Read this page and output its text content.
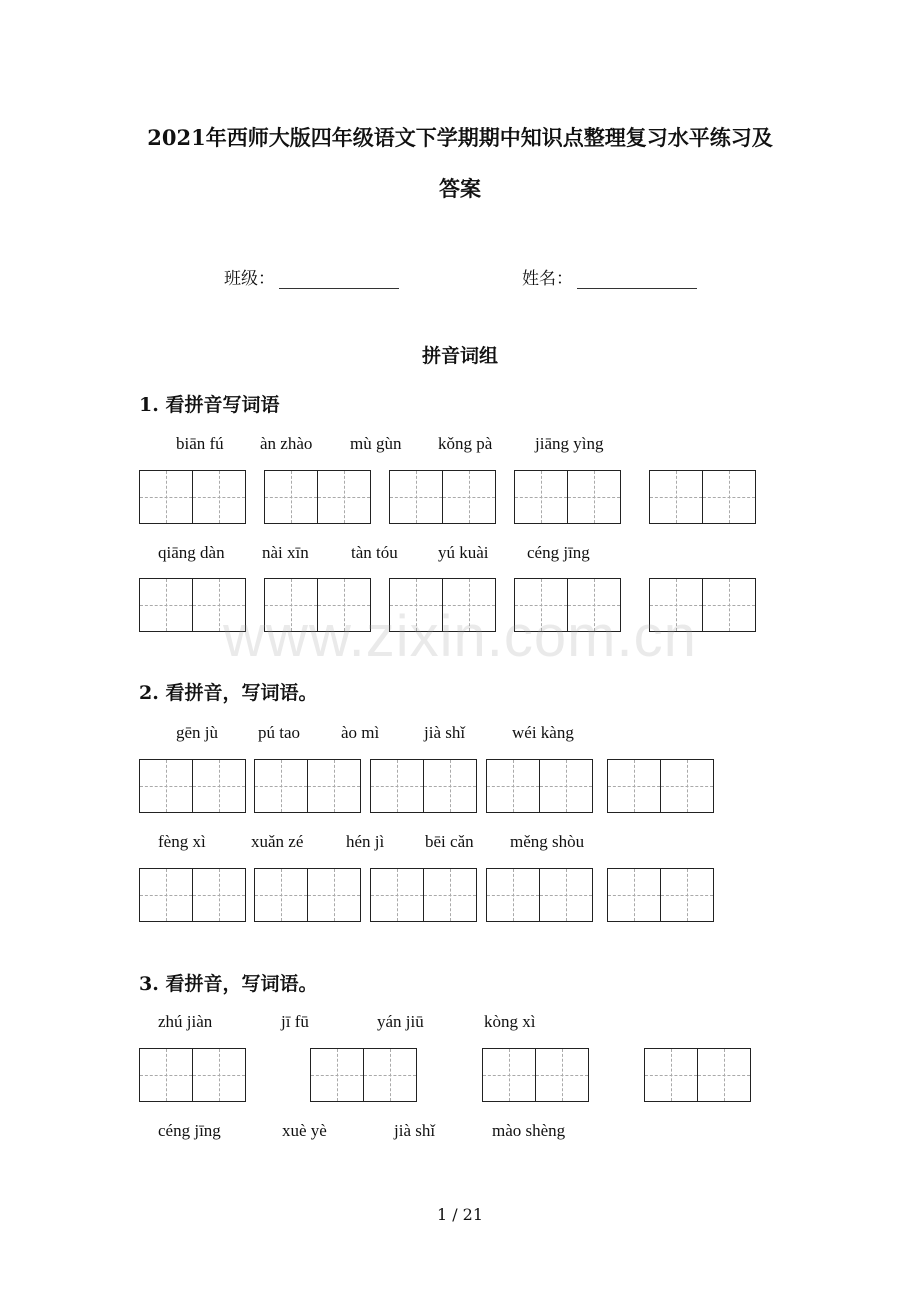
2021年西师大版四年级语文下学期期中知识点整理复习水平练习及
答案
班级：	姓名：
拼音词组
1. 看拼音写词语
biān fú àn zhào mù gùn kǒng pà	jiāng yìng
qiāng dàn nài xīn tàn tóu yú kuài céng jīng
www.zixin.com.cn
2. 看拼音，写词语。
gēn jù pú tao ào mì	jià shǐ	wéi kàng
fèng xì	xuǎn zé	hén jì bēi cǎn měng shòu
3. 看拼音，写词语。
zhú jiàn	jī fū	yán jiū	kòng xì
céng jīng	xuè yè	jià shǐ	mào shèng
1 / 21
